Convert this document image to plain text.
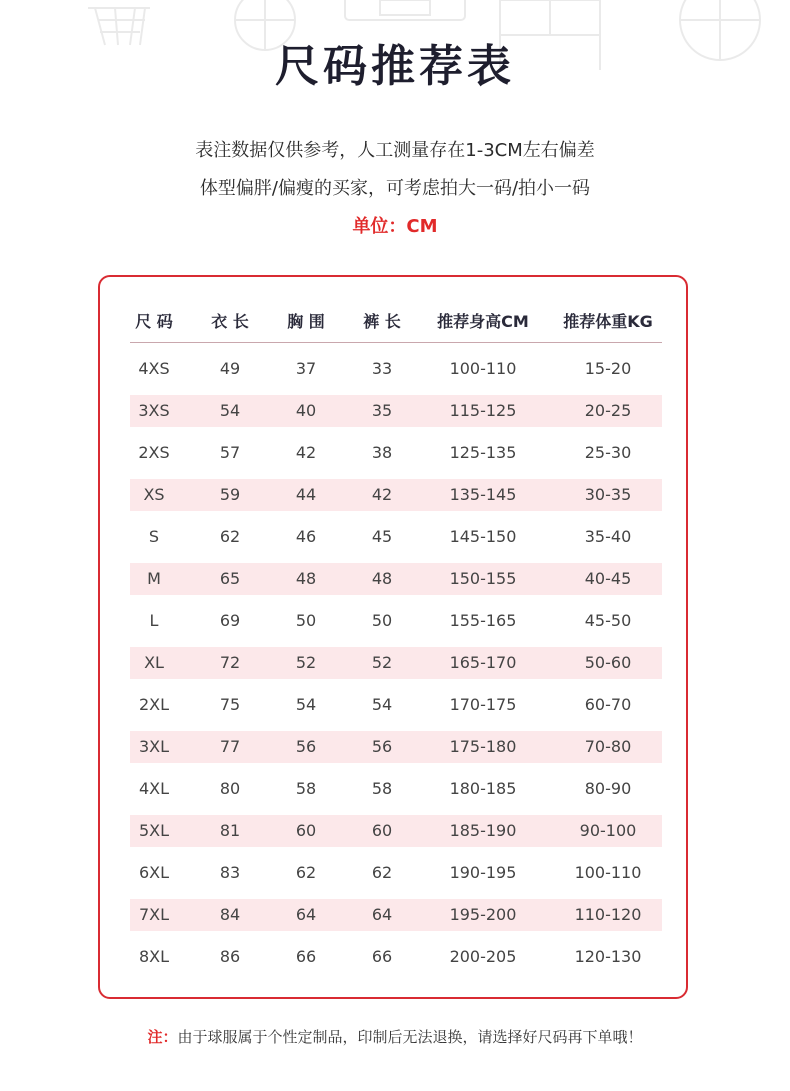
尺码推荐表
表注数据仅供参考，人工测量存在1-3CM左右偏差
体型偏胖/偏瘦的买家，可考虑拍大一码/拍小一码
单位：CM
尺 码	衣 长	胸 围	裤 长	推荐身高CM	推荐体重KG
4XS	49	37	33	100-110	15-20
3XS	54	40	35	115-125	20-25
2XS	57	42	38	125-135	25-30
XS	59	44	42	135-145	30-35
S	62	46	45	145-150	35-40
M	65	48	48	150-155	40-45
L	69	50	50	155-165	45-50
XL	72	52	52	165-170	50-60
2XL	75	54	54	170-175	60-70
3XL	77	56	56	175-180	70-80
4XL	80	58	58	180-185	80-90
5XL	81	60	60	185-190	90-100
6XL	83	62	62	190-195	100-110
7XL	84	64	64	195-200	110-120
8XL	86	66	66	200-205	120-130
注：由于球服属于个性定制品，印制后无法退换，请选择好尺码再下单哦！
